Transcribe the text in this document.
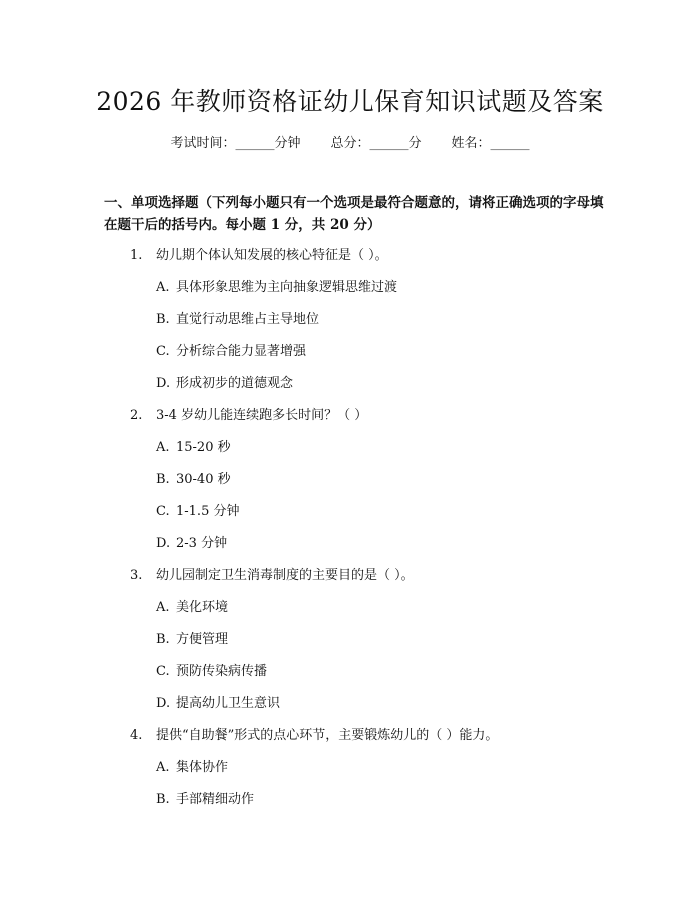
2026 年教师资格证幼儿保育知识试题及答案
考试时间：______分钟 总分：______分 姓名：______
一、单项选择题（下列每小题只有一个选项是最符合题意的，请将正确选项的字母填在题干后的括号内。每小题 1 分，共 20 分）
1. 幼儿期个体认知发展的核心特征是（ ）。
A. 具体形象思维为主向抽象逻辑思维过渡
B. 直觉行动思维占主导地位
C. 分析综合能力显著增强
D. 形成初步的道德观念
2. 3-4 岁幼儿能连续跑多长时间？（ ）
A. 15-20 秒
B. 30-40 秒
C. 1-1.5 分钟
D. 2-3 分钟
3. 幼儿园制定卫生消毒制度的主要目的是（ ）。
A. 美化环境
B. 方便管理
C. 预防传染病传播
D. 提高幼儿卫生意识
4. 提供“自助餐”形式的点心环节，主要锻炼幼儿的（ ）能力。
A. 集体协作
B. 手部精细动作
